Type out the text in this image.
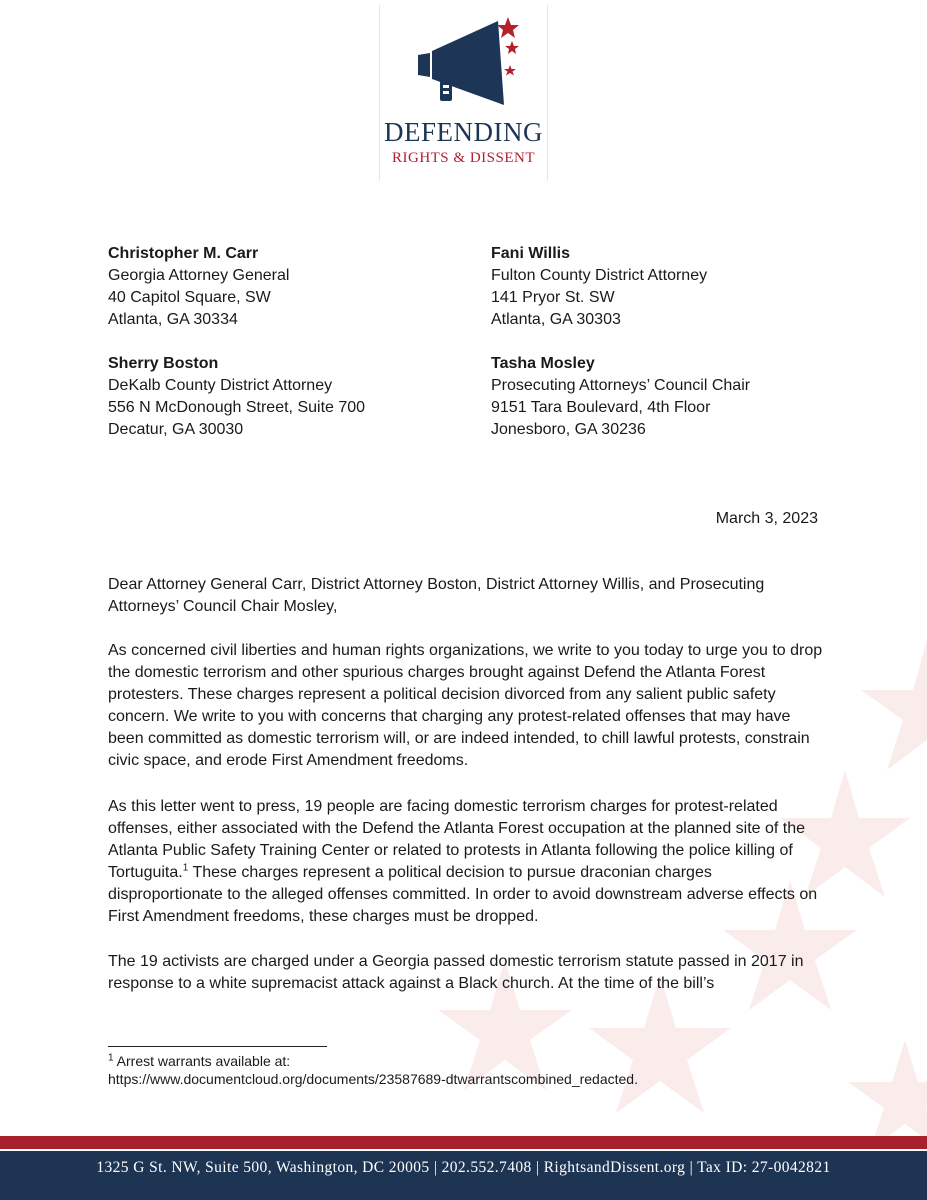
DEFENDING
RIGHTS & DISSENT
Christopher M. Carr
Georgia Attorney General
40 Capitol Square, SW
Atlanta, GA 30334
Fani Willis
Fulton County District Attorney
141 Pryor St. SW
Atlanta, GA 30303
Sherry Boston
DeKalb County District Attorney
556 N McDonough Street, Suite 700
Decatur, GA 30030
Tasha Mosley
Prosecuting Attorneys’ Council Chair
9151 Tara Boulevard, 4th Floor
Jonesboro, GA 30236
March 3, 2023

Dear Attorney General Carr, District Attorney Boston, District Attorney Willis, and Prosecuting Attorneys’ Council Chair Mosley,

As concerned civil liberties and human rights organizations, we write to you today to urge you to drop the domestic terrorism and other spurious charges brought against Defend the Atlanta Forest protesters. These charges represent a political decision divorced from any salient public safety concern. We write to you with concerns that charging any protest-related offenses that may have been committed as domestic terrorism will, or are indeed intended, to chill lawful protests, constrain civic space, and erode First Amendment freedoms.

As this letter went to press, 19 people are facing domestic terrorism charges for protest-related offenses, either associated with the Defend the Atlanta Forest occupation at the planned site of the Atlanta Public Safety Training Center or related to protests in Atlanta following the police killing of Tortuguita.$^1$ These charges represent a political decision to pursue draconian charges disproportionate to the alleged offenses committed. In order to avoid downstream adverse effects on First Amendment freedoms, these charges must be dropped.

The 19 activists are charged under a Georgia passed domestic terrorism statute passed in 2017 in response to a white supremacist attack against a Black church. At the time of the bill’s

$^1$ Arrest warrants available at:
https://www.documentcloud.org/documents/23587689-dtwarrantscombined_redacted.
1325 G St. NW, Suite 500, Washington, DC 20005 | 202.552.7408 | RightsandDissent.org | Tax ID: 27-0042821
